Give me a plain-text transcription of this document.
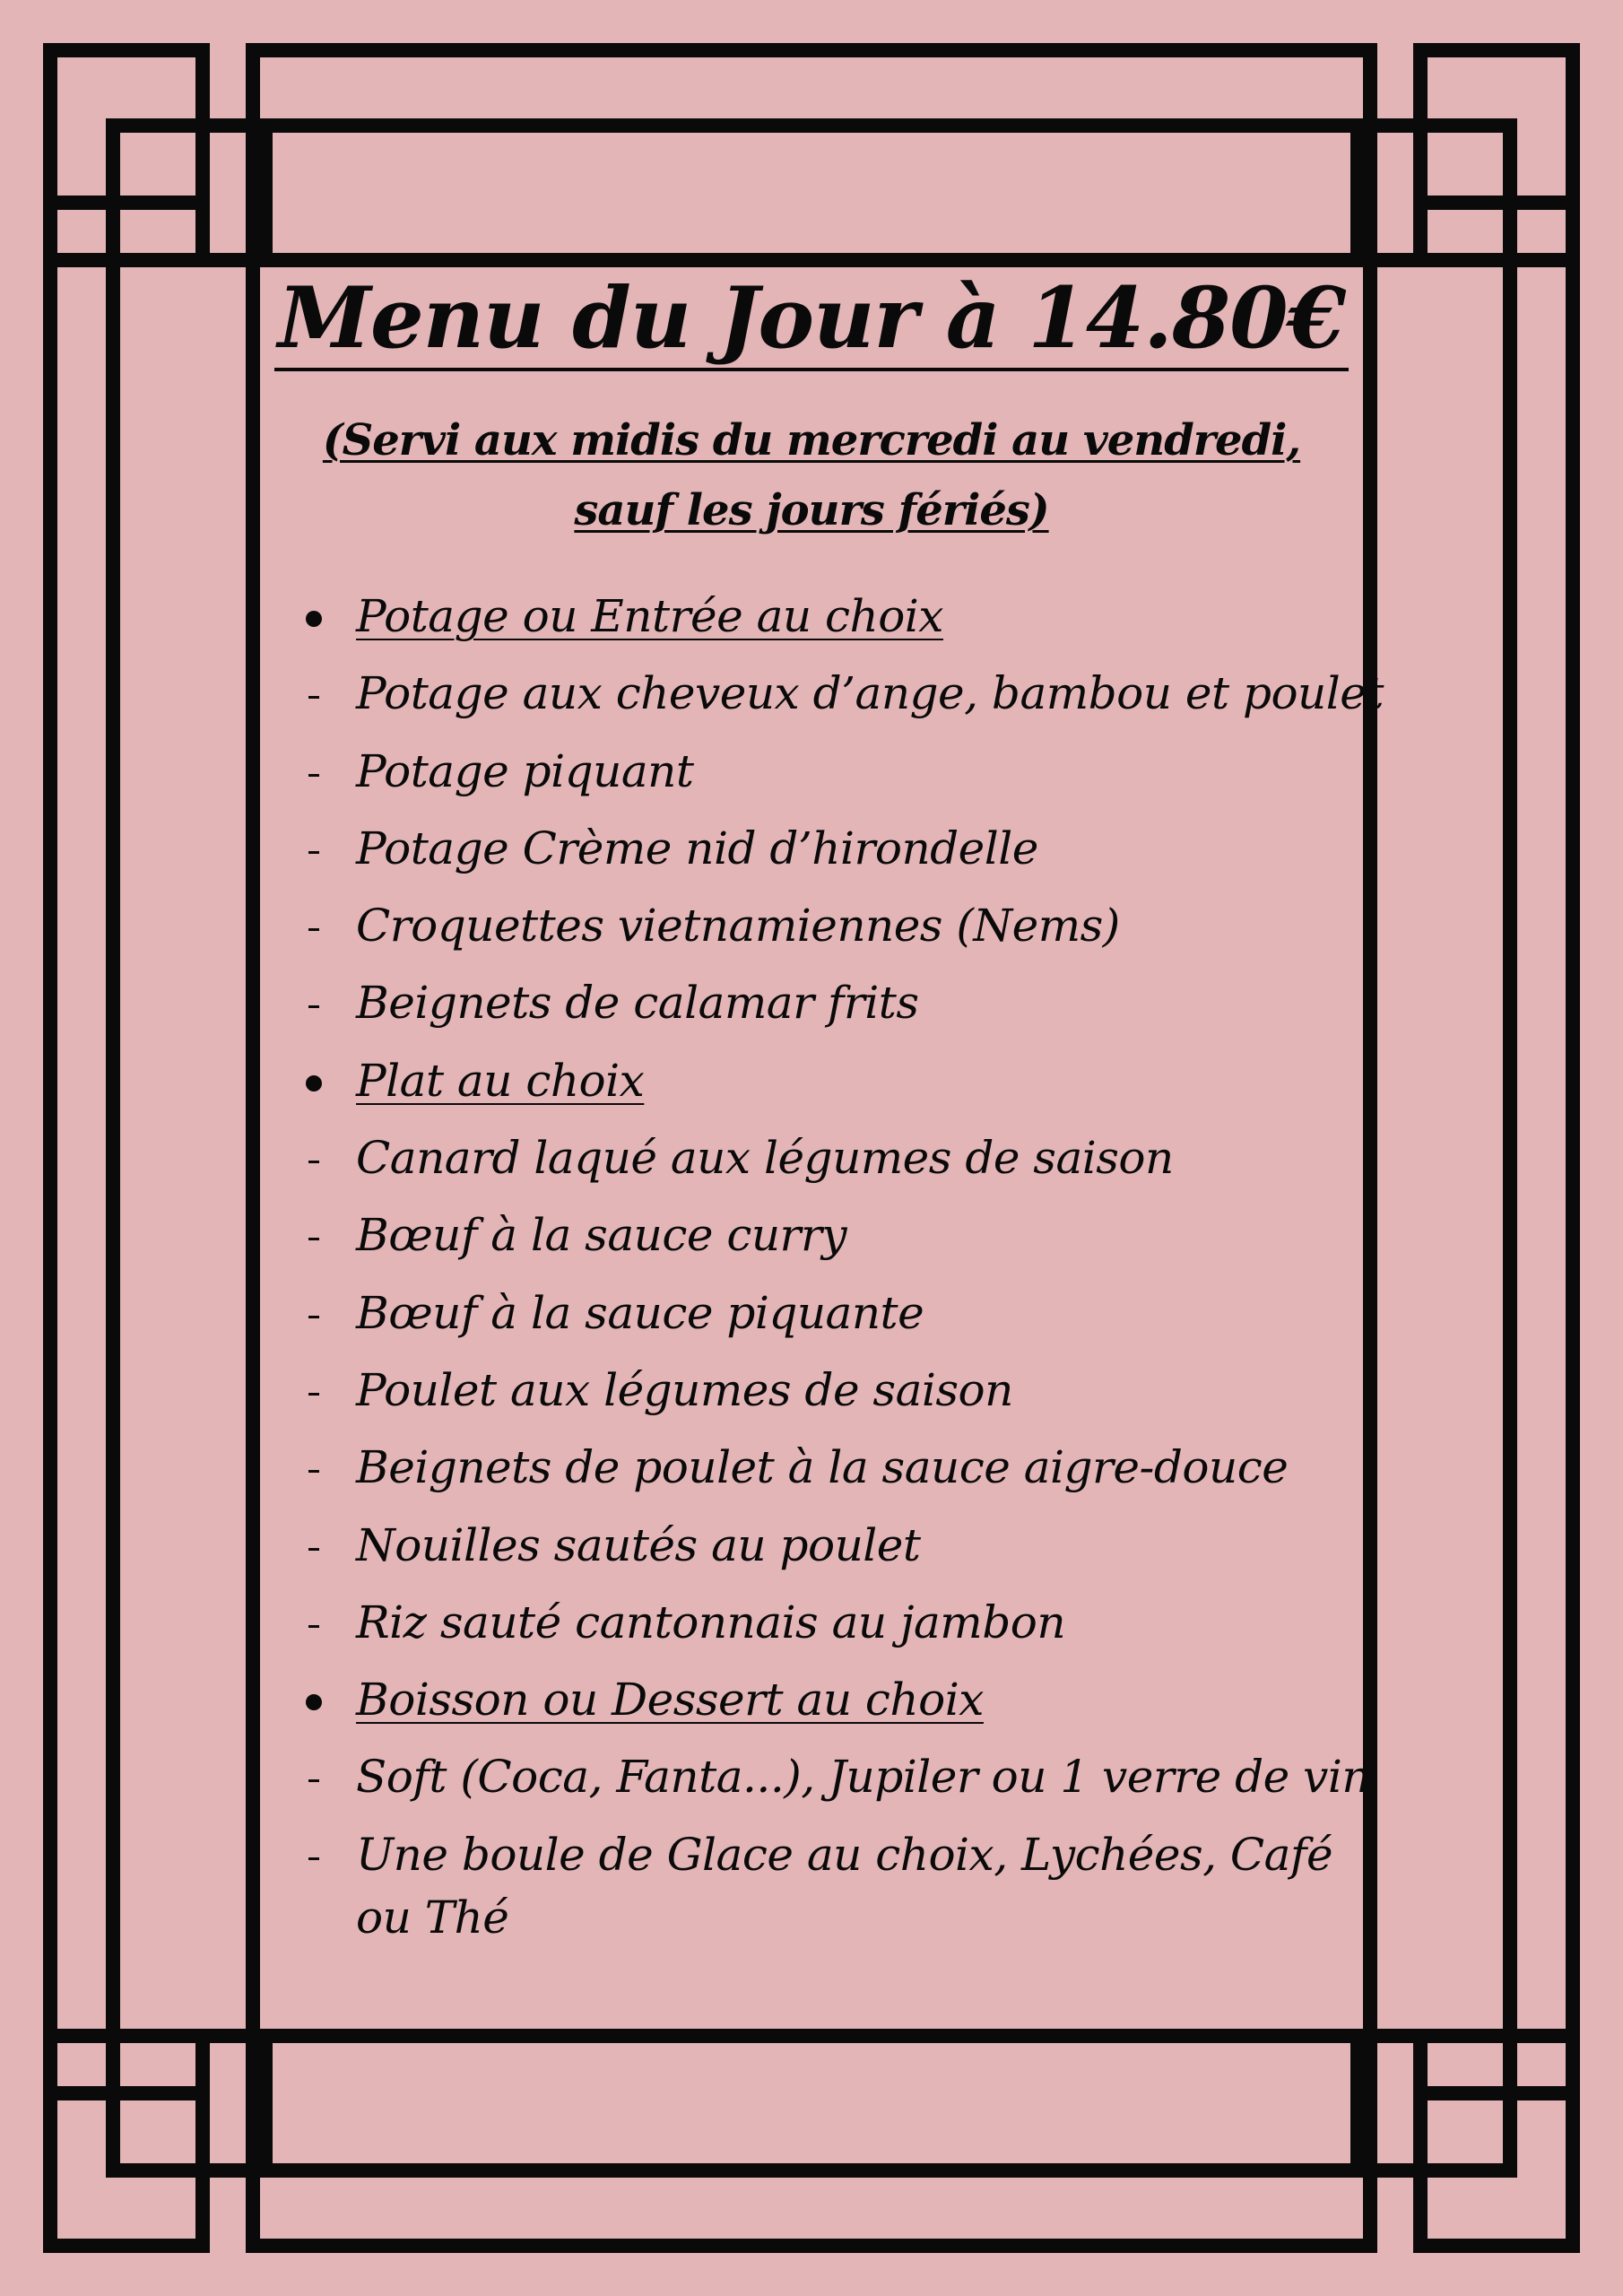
Menu du Jour à 14.80€
(Servi aux midis du mercredi au vendredi,
sauf les jours fériés)
Potage ou Entrée au choix
Potage aux cheveux d’ange, bambou et poulet
Potage piquant
Potage Crème nid d’hirondelle
Croquettes vietnamiennes (Nems)
Beignets de calamar frits
Plat au choix
Canard laqué aux légumes de saison
Bœuf à la sauce curry
Bœuf à la sauce piquante
Poulet aux légumes de saison
Beignets de poulet à la sauce aigre-douce
Nouilles sautés au poulet
Riz sauté cantonnais au jambon
Boisson ou Dessert au choix
Soft (Coca, Fanta...), Jupiler ou 1 verre de vin
Une boule de Glace au choix, Lychées, Café ou Thé
